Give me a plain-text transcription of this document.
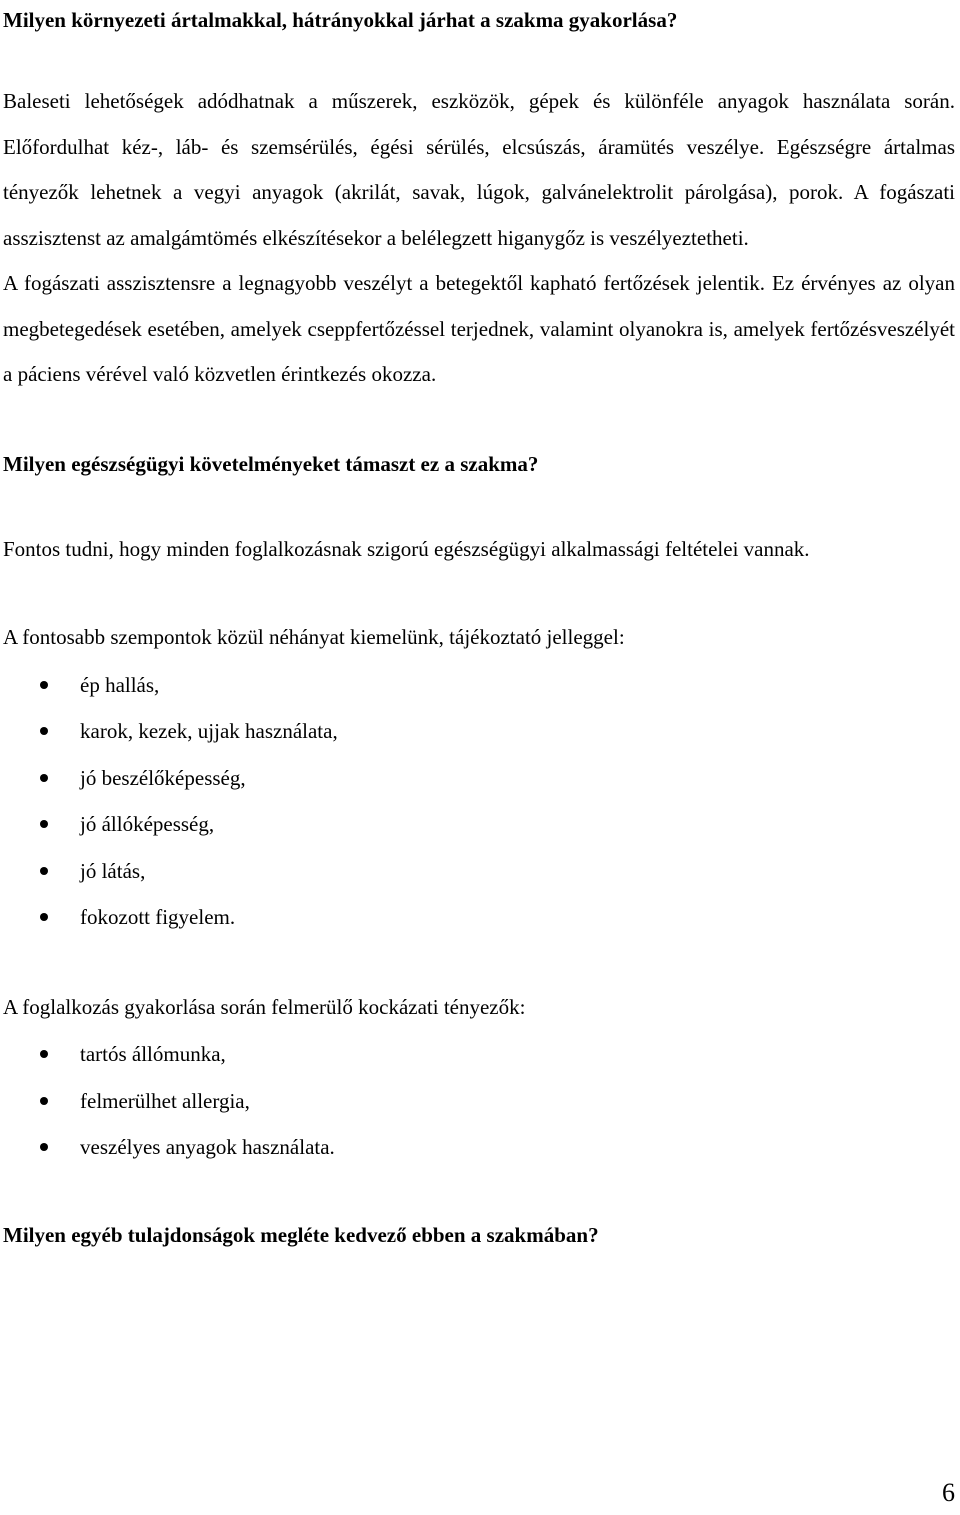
Milyen környezeti ártalmakkal, hátrányokkal járhat a szakma gyakorlása?

Baleseti lehetőségek adódhatnak a műszerek, eszközök, gépek és különféle anyagok használata során. Előfordulhat kéz-, láb- és szemsérülés, égési sérülés, elcsúszás, áramütés veszélye. Egészségre ártalmas tényezők lehetnek a vegyi anyagok (akrilát, savak, lúgok, galvánelektrolit párolgása), porok. A fogászati asszisztenst az amalgámtömés elkészítésekor a belélegzett higanygőz is veszélyeztetheti.

A fogászati asszisztensre a legnagyobb veszélyt a betegektől kapható fertőzések jelentik. Ez érvényes az olyan megbetegedések esetében, amelyek cseppfertőzéssel terjednek, valamint olyanokra is, amelyek fertőzésveszélyét a páciens vérével való közvetlen érintkezés okozza.

Milyen egészségügyi követelményeket támaszt ez a szakma?

Fontos tudni, hogy minden foglalkozásnak szigorú egészségügyi alkalmassági feltételei vannak.

A fontosabb szempontok közül néhányat kiemelünk, tájékoztató jelleggel:

ép hallás,
karok, kezek, ujjak használata,
jó beszélőképesség,
jó állóképesség,
jó látás,
fokozott figyelem.

A foglalkozás gyakorlása során felmerülő kockázati tényezők:

tartós állómunka,
felmerülhet allergia,
veszélyes anyagok használata.

Milyen egyéb tulajdonságok megléte kedvező ebben a szakmában?

6
